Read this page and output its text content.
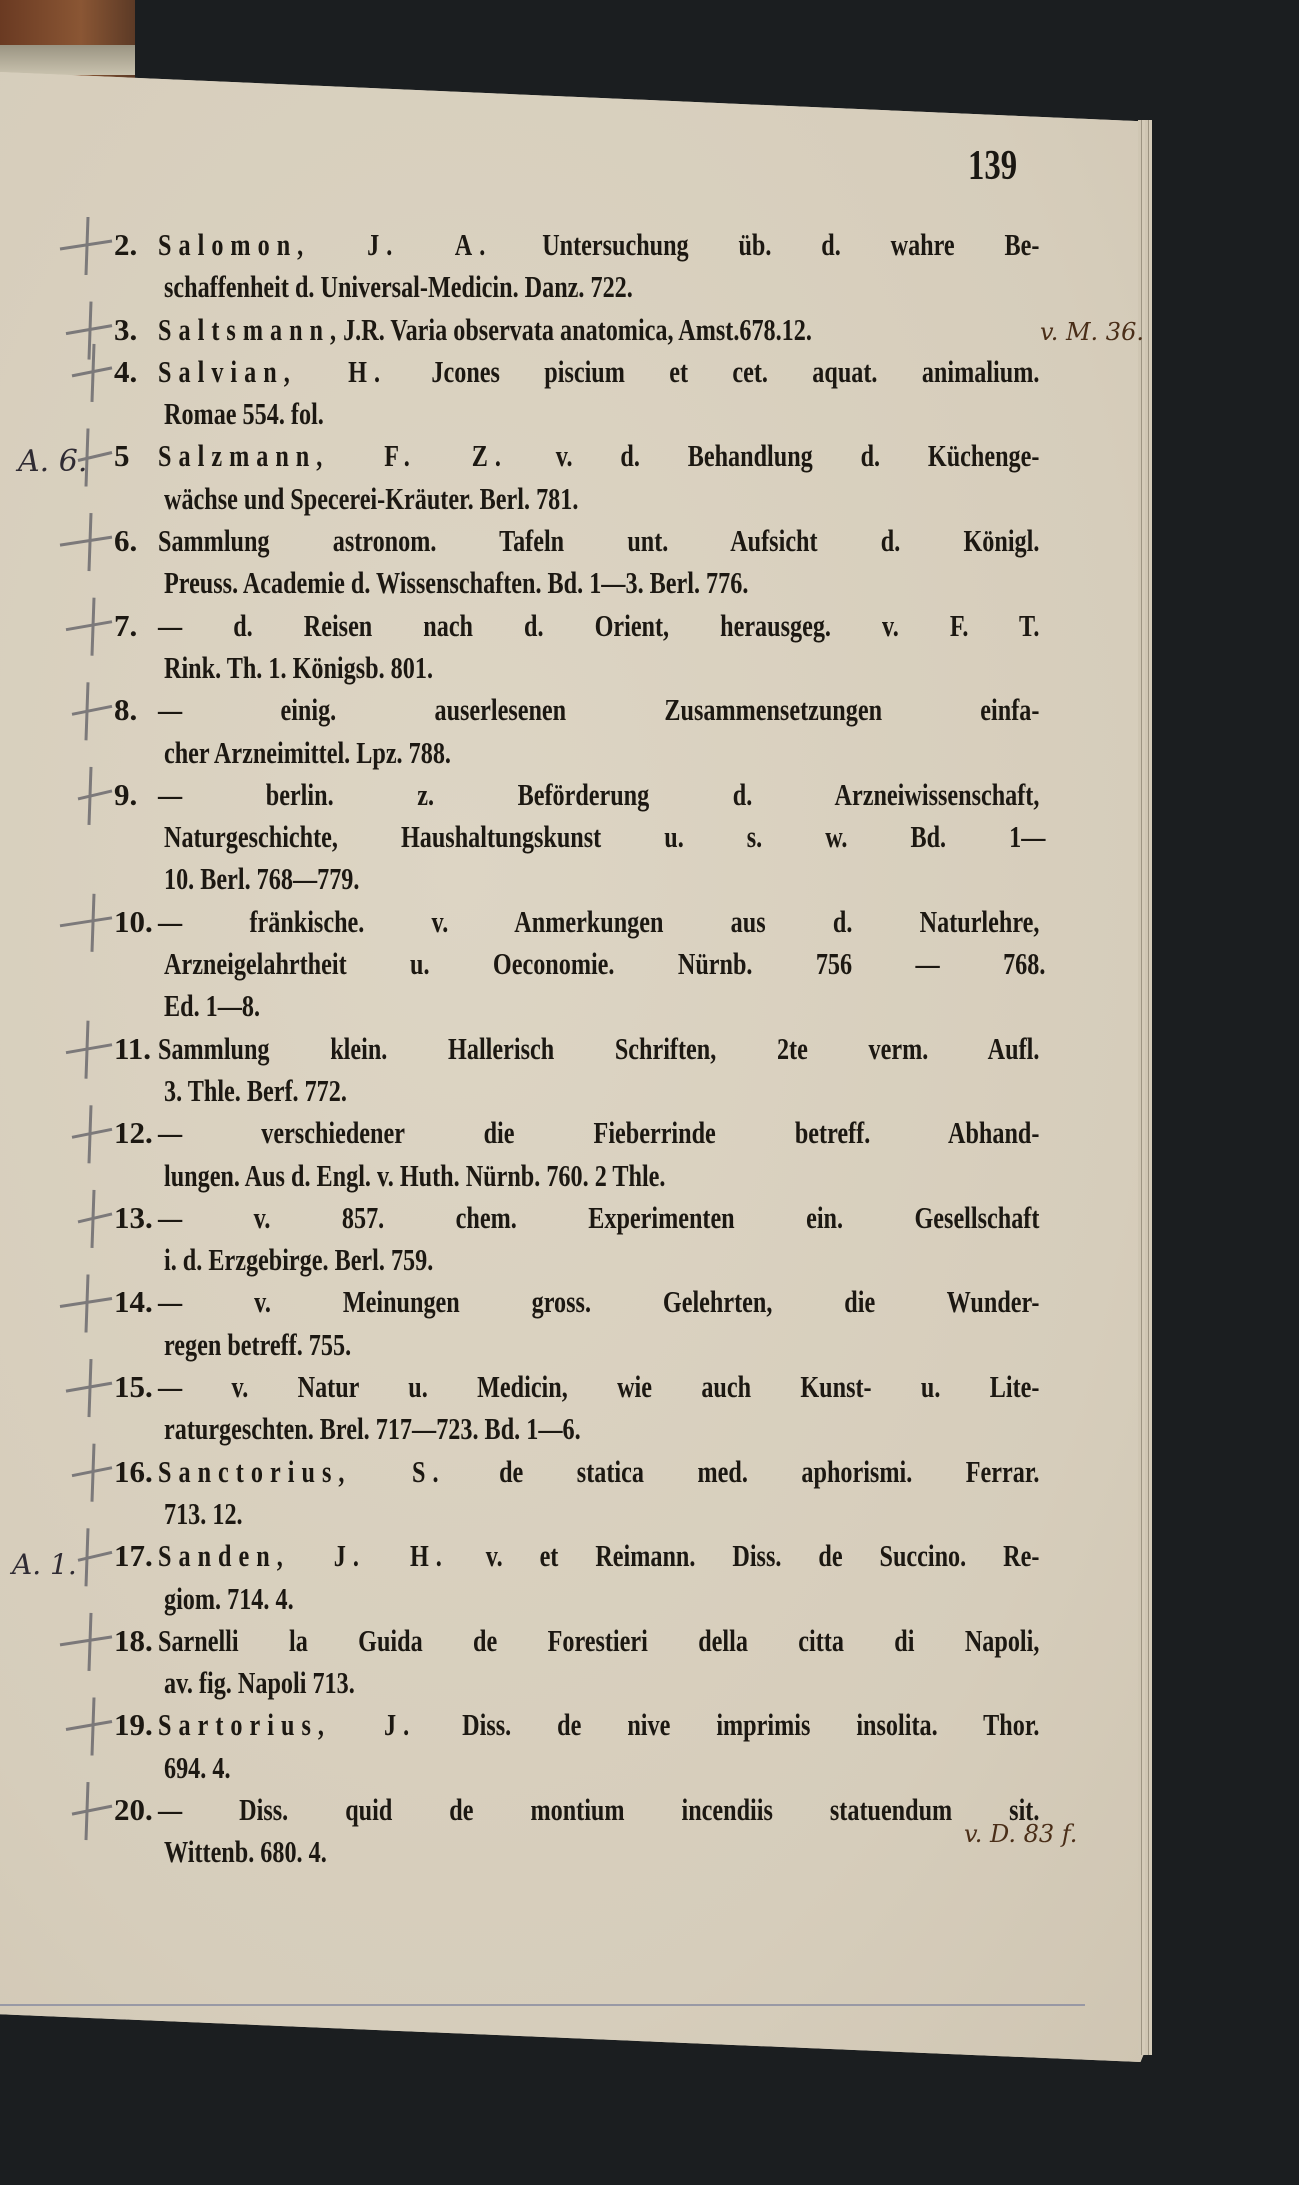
139
2. Salomon, J. A. Untersuchung üb. d. wahre Be-
schaffenheit d. Universal-Medicin. Danz. 722.
3. Saltsmann,J.R. Varia observata anatomica, Amst.678.12.
4. Salvian, H. Jcones piscium et cet. aquat. animalium.
Romae 554. fol.
5 Salzmann, F. Z. v. d. Behandlung d. Küchenge-
wächse und Specerei-Kräuter. Berl. 781.
6. Sammlung astronom. Tafeln unt. Aufsicht d. Königl.
Preuss. Academie d. Wissenschaften. Bd. 1—3. Berl. 776.
7. — d. Reisen nach d. Orient, herausgeg. v. F. T.
Rink. Th. 1. Königsb. 801.
8. — einig. auserlesenen Zusammensetzungen einfa-
cher Arzneimittel. Lpz. 788.
9. — berlin. z. Beförderung d. Arzneiwissenschaft,
Naturgeschichte, Haushaltungskunst u. s. w. Bd. 1—
10. Berl. 768—779.
10. — fränkische. v. Anmerkungen aus d. Naturlehre,
Arzneigelahrtheit u. Oeconomie. Nürnb. 756 — 768.
Ed. 1—8.
11. Sammlung klein. Hallerisch Schriften, 2te verm. Aufl.
3. Thle. Berf. 772.
12. — verschiedener die Fieberrinde betreff. Abhand-
lungen. Aus d. Engl. v. Huth. Nürnb. 760. 2 Thle.
13. — v. 857. chem. Experimenten ein. Gesellschaft
i. d. Erzgebirge. Berl. 759.
14. — v. Meinungen gross. Gelehrten, die Wunder-
regen betreff. 755.
15. — v. Natur u. Medicin, wie auch Kunst- u. Lite-
raturgeschten. Brel. 717—723. Bd. 1—6.
16. Sanctorius, S. de statica med. aphorismi. Ferrar.
713. 12.
17. Sanden, J. H. v. et Reimann. Diss. de Succino. Re-
giom. 714. 4.
18. Sarnelli la Guida de Forestieri della citta di Napoli,
av. fig. Napoli 713.
19. Sartorius, J. Diss. de nive imprimis insolita. Thor.
694. 4.
20. — Diss. quid de montium incendiis statuendum sit.
Wittenb. 680. 4.
v. M. 36.
v. D. 83 f.
A. 6.
A. 1.
